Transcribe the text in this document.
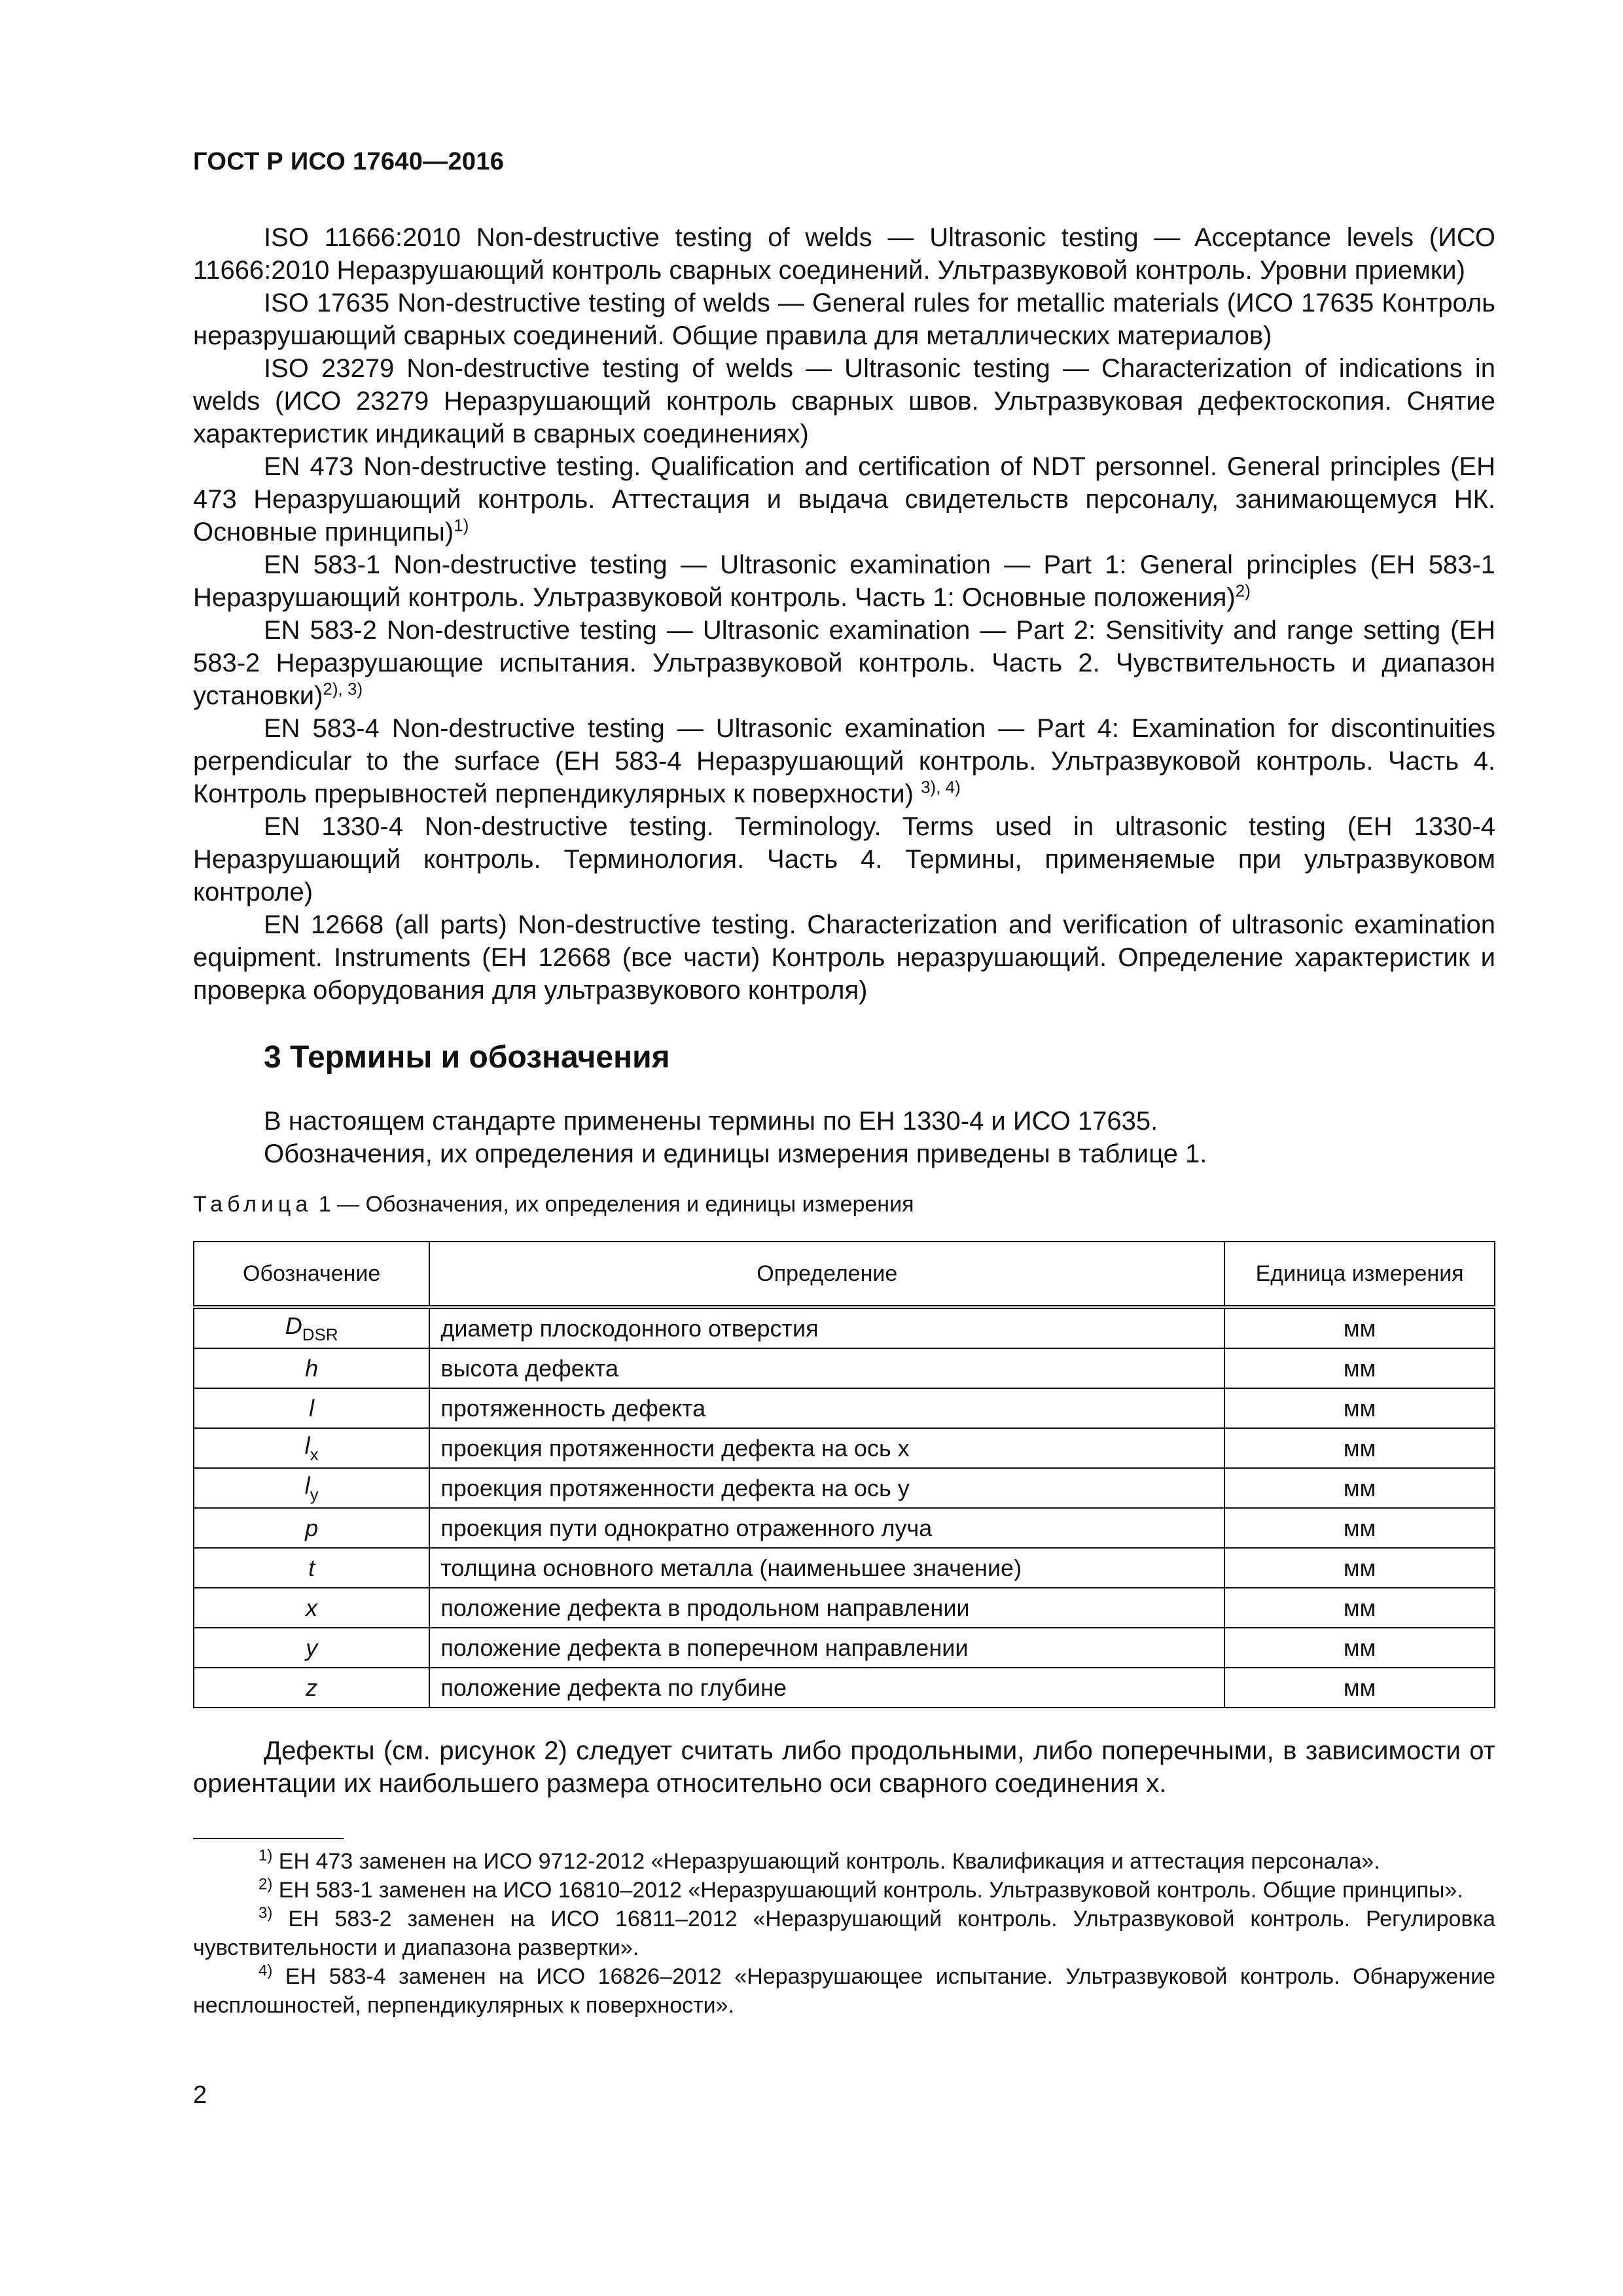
ГОСТ Р ИСО 17640—2016

ISO 11666:2010 Non-destructive testing of welds — Ultrasonic testing — Acceptance levels (ИСО 11666:2010 Неразрушающий контроль сварных соединений. Ультразвуковой контроль. Уровни приемки)

ISO 17635 Non-destructive testing of welds — General rules for metallic materials (ИСО 17635 Контроль неразрушающий сварных соединений. Общие правила для металлических материалов)

ISO 23279 Non-destructive testing of welds — Ultrasonic testing — Characterization of indications in welds (ИСО 23279 Неразрушающий контроль сварных швов. Ультразвуковая дефектоскопия. Снятие характеристик индикаций в сварных соединениях)

EN 473 Non-destructive testing. Qualification and certification of NDT personnel. General principles (ЕН 473 Неразрушающий контроль. Аттестация и выдача свидетельств персоналу, занимающемуся НК. Основные принципы)$^{1)}$

EN 583-1 Non-destructive testing — Ultrasonic examination — Part 1: General principles (ЕН 583-1 Неразрушающий контроль. Ультразвуковой контроль. Часть 1: Основные положения)$^{2)}$

EN 583-2 Non-destructive testing — Ultrasonic examination — Part 2: Sensitivity and range setting (ЕН 583-2 Неразрушающие испытания. Ультразвуковой контроль. Часть 2. Чувствительность и диапазон установки)$^{2), 3)}$

EN 583-4 Non-destructive testing — Ultrasonic examination — Part 4: Examination for discontinuities perpendicular to the surface (ЕН 583-4 Неразрушающий контроль. Ультразвуковой контроль. Часть 4. Контроль прерывностей перпендикулярных к поверхности) $^{3), 4)}$

EN 1330-4 Non-destructive testing. Terminology. Terms used in ultrasonic testing (ЕН 1330-4 Неразрушающий контроль. Терминология. Часть 4. Термины, применяемые при ультразвуковом контроле)

EN 12668 (all parts) Non-destructive testing. Characterization and verification of ultrasonic examination equipment. Instruments (ЕН 12668 (все части) Контроль неразрушающий. Определение характеристик и проверка оборудования для ультразвукового контроля)

3 Термины и обозначения

В настоящем стандарте применены термины по ЕН 1330-4 и ИСО 17635.

Обозначения, их определения и единицы измерения приведены в таблице 1.

Таблица 1 — Обозначения, их определения и единицы измерения
Обозначение	Определение	Единица измерения
$D_{DSR}$	диаметр плоскодонного отверстия	мм
h	высота дефекта	мм
l	протяженность дефекта	мм
$l_x$	проекция протяженности дефекта на ось x	мм
$l_y$	проекция протяженности дефекта на ось y	мм
p	проекция пути однократно отраженного луча	мм
t	толщина основного металла (наименьшее значение)	мм
x	положение дефекта в продольном направлении	мм
y	положение дефекта в поперечном направлении	мм
z	положение дефекта по глубине	мм

Дефекты (см. рисунок 2) следует считать либо продольными, либо поперечными, в зависимости от ориентации их наибольшего размера относительно оси сварного соединения x.

$^{1)}$ ЕН 473 заменен на ИСО 9712-2012 «Неразрушающий контроль. Квалификация и аттестация персонала».

$^{2)}$ ЕН 583-1 заменен на ИСО 16810–2012 «Неразрушающий контроль. Ультразвуковой контроль. Общие принципы».

$^{3)}$ ЕН 583-2 заменен на ИСО 16811–2012 «Неразрушающий контроль. Ультразвуковой контроль. Регулировка чувствительности и диапазона развертки».

$^{4)}$ ЕН 583-4 заменен на ИСО 16826–2012 «Неразрушающее испытание. Ультразвуковой контроль. Обнаружение несплошностей, перпендикулярных к поверхности».

2
